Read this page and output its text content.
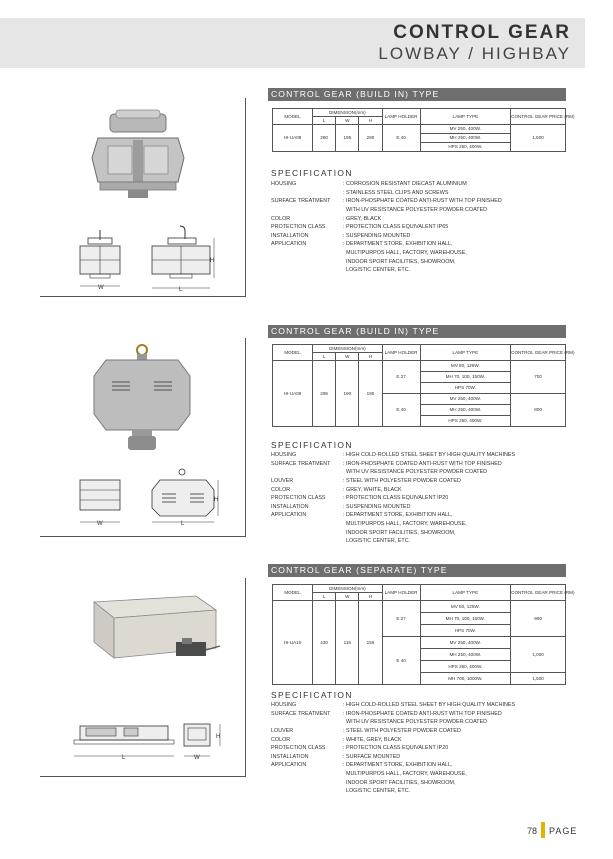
CONTROL GEAR
LOWBAY / HIGHBAY
W
H
L
CONTROL GEAR (BUILD IN) TYPE
MODEL	DIMENSION(mm)			LAMP HOLDER	LAMP TYPE	CONTROL GEAR PRICE (RM)
	L	W	H			
HI-UA08	280	195	280	E 40	MV 250, 400W.	1,500
					MH 250, 400W.	
					HPS 250, 400W.	
SPECIFICATION
HOUSING	: CORROSION RESISTANT DIECAST ALUMINIUM
: STAINLESS STEEL CLIPS AND SCREWS
SURFACE TREATMENT	: IRON-PHOSPHATE COATED ANTI-RUST WITH TOP FINISHED
WITH UV RESISTANCE POLYESTER POWDER COATED
COLOR	: GREY, BLACK
PROTECTION CLASS	: PROTECTION CLASS EQUIVALENT IP65
INSTALLATION	: SUSPENDING MOUNTED
APPLICATION	: DEPARTMENT STORE, EXHIBITION HALL,
MULTIPURPOS HALL, FACTORY, WAREHOUSE,
INDOOR SPORT FACILITIES, SHOWROOM,
LOGISTIC CENTER, ETC.
W
H
L
CONTROL GEAR (BUILD IN) TYPE
MODEL	DIMENSION(mm)			LAMP HOLDER	LAMP TYPE	CONTROL GEAR PRICE (RM)
	L	W	H			
HI-UA09	295	190	180	E 27	MV 80, 125W.	700
					MH 70, 100, 150W.	
					HPS 70W.	
				E 40	MV 250, 400W.	800
					MH 250, 400W.	
					HPS 250, 400W.	
SPECIFICATION
HOUSING	: HIGH COLD-ROLLED STEEL SHEET BY HIGH QUALITY MACHINES
SURFACE TREATMENT	: IRON-PHOSPHATE COATED ANTI-RUST WITH TOP FINISHED
WITH UV RESISTANCE POLYESTER POWDER COATED
LOUVER	: STEEL WITH POLYESTER POWDER COATED
COLOR	: GREY, WHITE, BLACK
PROTECTION CLASS	: PROTECTION CLASS EQUIVALENT IP20
INSTALLATION	: SUSPENDING MOUNTED
APPLICATION	: DEPARTMENT STORE, EXHIBITION HALL,
MULTIPURPOS HALL, FACTORY, WAREHOUSE,
INDOOR SPORT FACILITIES, SHOWROOM,
LOGISTIC CENTER, ETC.
L
H
W
CONTROL GEAR (SEPARATE) TYPE
MODEL	DIMENSION(mm)			LAMP HOLDER	LAMP TYPE	CONTROL GEAR PRICE (RM)
	L	W	H			
HI-UA10	430	115	155	E 27	MV 80, 125W.	900
					MH 70, 100, 150W.	
					HPS 70W.	
				E 40	MV 250, 400W.	1,000
					MH 250, 400W.	
					HPS 250, 400W.	
					MH 700, 1000W.	1,500
SPECIFICATION
HOUSING	: HIGH COLD-ROLLED STEEL SHEET BY HIGH QUALITY MACHINES
SURFACE TREATMENT	: IRON-PHOSPHATE COATED ANTI-RUST WITH TOP FINISHED
WITH UV RESISTANCE POLYESTER POWDER COATED
LOUVER	: STEEL WITH POLYESTER POWDER COATED
COLOR	: WHITE, GREY, BLACK
PROTECTION CLASS	: PROTECTION CLASS EQUIVALENT IP20
INSTALLATION	: SURFACE MOUNTED
APPLICATION	: DEPARTMENT STORE, EXHIBITION HALL,
MULTIPURPOS HALL, FACTORY, WAREHOUSE,
INDOOR SPORT FACILITIES, SHOWROOM,
LOGISTIC CENTER, ETC.
78 PAGE
